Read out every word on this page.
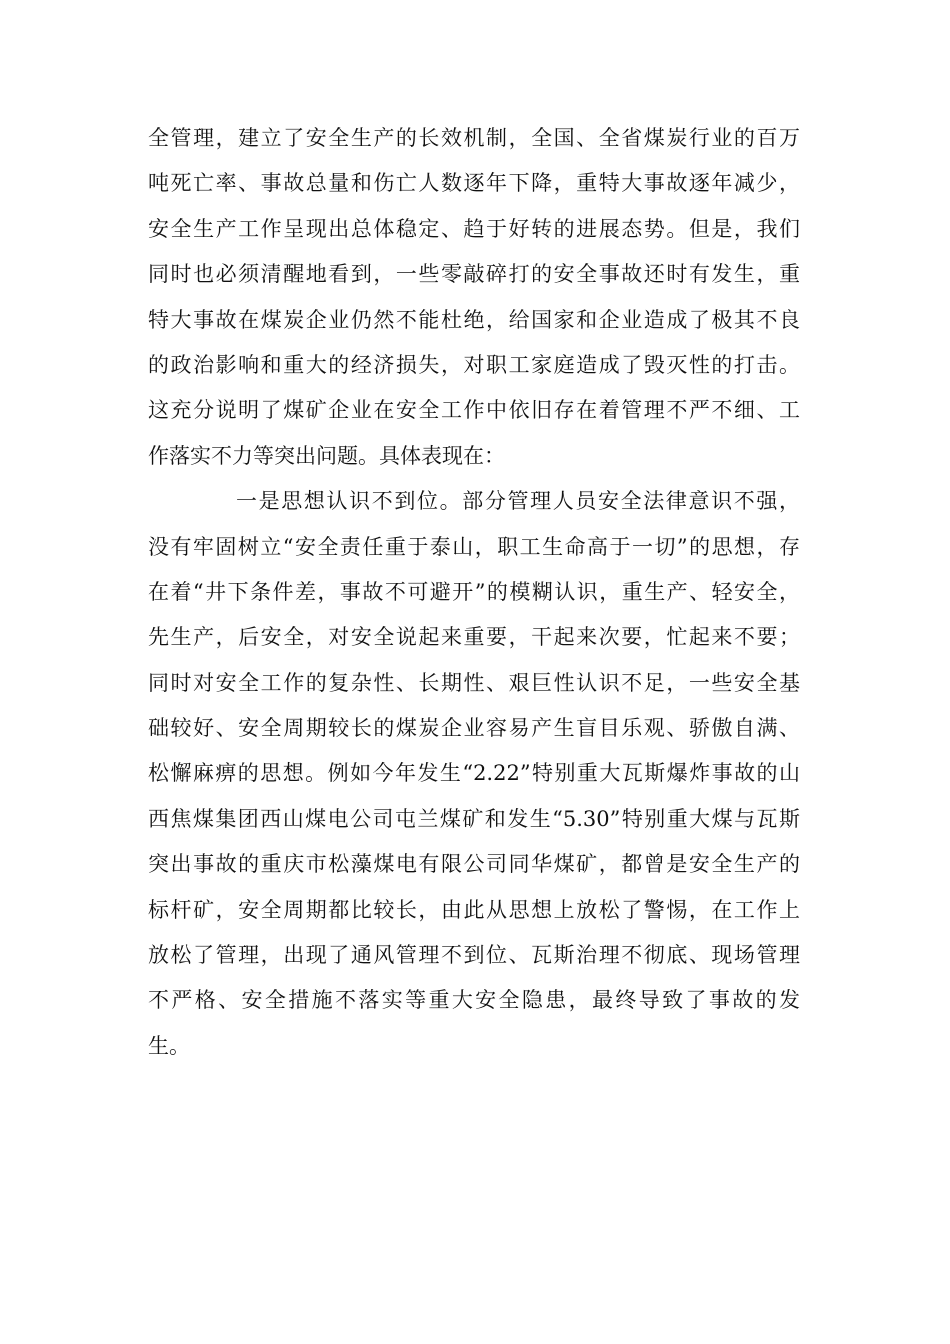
全管理，建立了安全生产的长效机制，全国、全省煤炭行业的百万
吨死亡率、事故总量和伤亡人数逐年下降，重特大事故逐年减少，
安全生产工作呈现出总体稳定、趋于好转的进展态势。但是，我们
同时也必须清醒地看到，一些零敲碎打的安全事故还时有发生，重
特大事故在煤炭企业仍然不能杜绝，给国家和企业造成了极其不良
的政治影响和重大的经济损失，对职工家庭造成了毁灭性的打击。
这充分说明了煤矿企业在安全工作中依旧存在着管理不严不细、工
作落实不力等突出问题。具体表现在：
一是思想认识不到位。部分管理人员安全法律意识不强，
没有牢固树立“安全责任重于泰山，职工生命高于一切”的思想，存
在着“井下条件差，事故不可避开”的模糊认识，重生产、轻安全，
先生产，后安全，对安全说起来重要，干起来次要，忙起来不要；
同时对安全工作的复杂性、长期性、艰巨性认识不足，一些安全基
础较好、安全周期较长的煤炭企业容易产生盲目乐观、骄傲自满、
松懈麻痹的思想。例如今年发生“2.22”特别重大瓦斯爆炸事故的山
西焦煤集团西山煤电公司屯兰煤矿和发生“5.30”特别重大煤与瓦斯
突出事故的重庆市松藻煤电有限公司同华煤矿，都曾是安全生产的
标杆矿，安全周期都比较长，由此从思想上放松了警惕，在工作上
放松了管理，出现了通风管理不到位、瓦斯治理不彻底、现场管理
不严格、安全措施不落实等重大安全隐患，最终导致了事故的发
生。
